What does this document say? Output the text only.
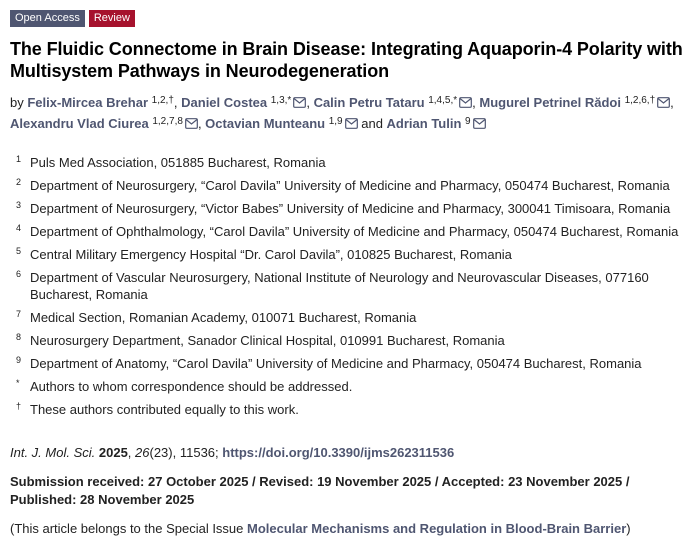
Open Access	Review
The Fluidic Connectome in Brain Disease: Integrating Aquaporin-4 Polarity with Multisystem Pathways in Neurodegeneration
by Felix-Mircea Brehar $^{1,2,\dagger}$, Daniel Costea $^{1,3,*}$ , Calin Petru Tataru $^{1,4,5,*}$ , Mugurel Petrinel Rădoi $^{1,2,6,\dagger}$ , Alexandru Vlad Ciurea $^{1,2,7,8}$ , Octavian Munteanu $^{1,9}$ and Adrian Tulin $^9$
1 Puls Med Association, 051885 Bucharest, Romania
2 Department of Neurosurgery, “Carol Davila” University of Medicine and Pharmacy, 050474 Bucharest, Romania
3 Department of Neurosurgery, “Victor Babes” University of Medicine and Pharmacy, 300041 Timisoara, Romania
4 Department of Ophthalmology, “Carol Davila” University of Medicine and Pharmacy, 050474 Bucharest, Romania
5 Central Military Emergency Hospital “Dr. Carol Davila”, 010825 Bucharest, Romania
6 Department of Vascular Neurosurgery, National Institute of Neurology and Neurovascular Diseases, 077160 Bucharest, Romania
7 Medical Section, Romanian Academy, 010071 Bucharest, Romania
8 Neurosurgery Department, Sanador Clinical Hospital, 010991 Bucharest, Romania
9 Department of Anatomy, “Carol Davila” University of Medicine and Pharmacy, 050474 Bucharest, Romania
* Authors to whom correspondence should be addressed.
† These authors contributed equally to this work.
Int. J. Mol. Sci. 2025, 26(23), 11536; https://doi.org/10.3390/ijms262311536
Submission received: 27 October 2025 / Revised: 19 November 2025 / Accepted: 23 November 2025 / Published: 28 November 2025
(This article belongs to the Special Issue Molecular Mechanisms and Regulation in Blood-Brain Barrier)
